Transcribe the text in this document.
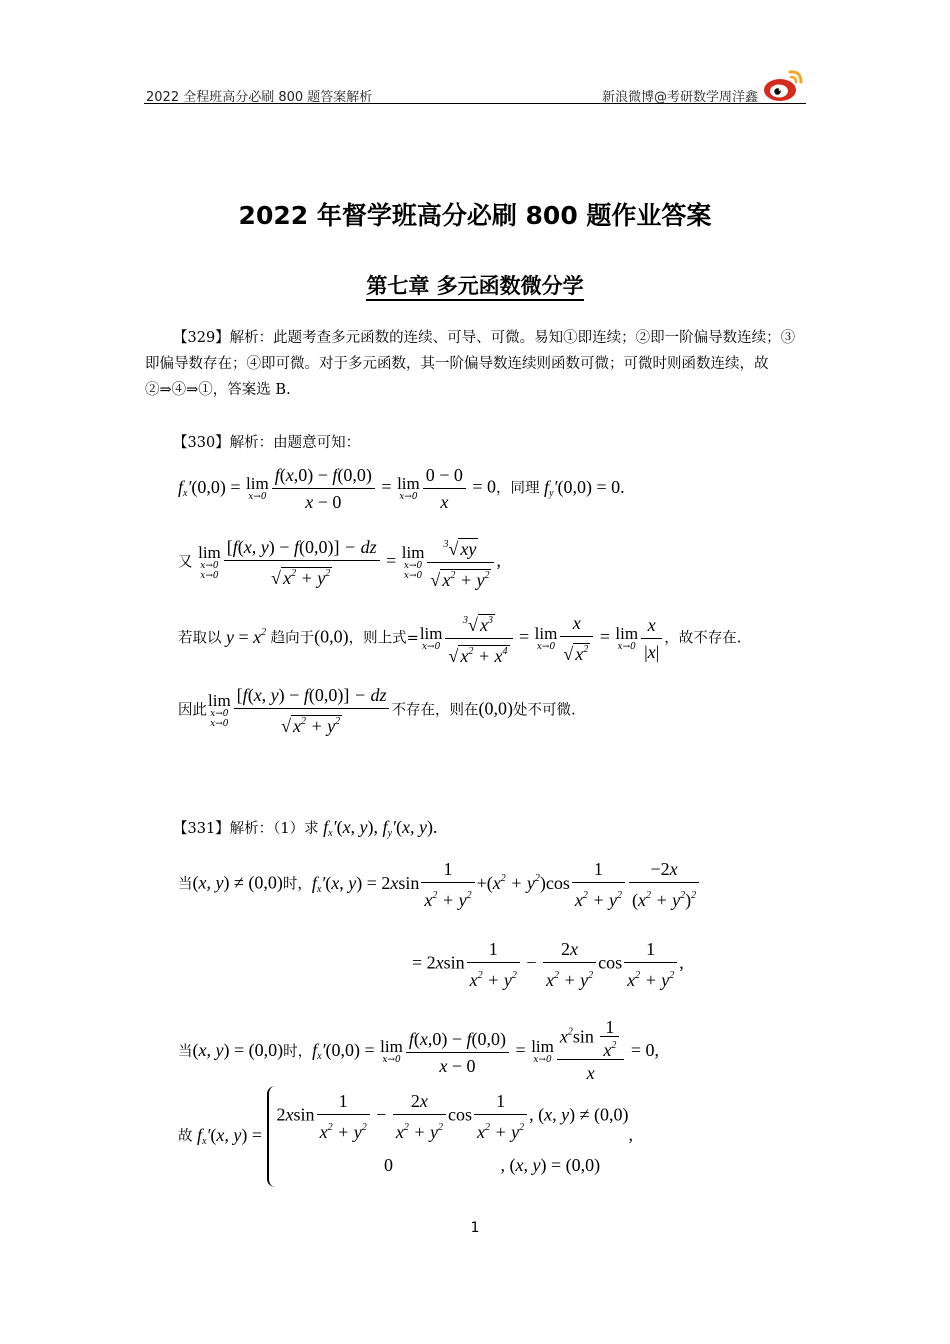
2022 全程班高分必刷 800 题答案解析	新浪微博@考研数学周洋鑫
2022 年督学班高分必刷 800 题作业答案
第七章 多元函数微分学
【329】解析：此题考查多元函数的连续、可导、可微。易知①即连续；②即一阶偏导数连续；③即偏导数存在；④即可微。对于多元函数，其一阶偏导数连续则函数可微；可微时则函数连续，故②⇒④⇒①，答案选 B.
【330】解析：由题意可知：
$f_x'(0,0) = \lim$
$x\to 0 \frac{f(x,0) - f(0,0)}{x - 0} = \lim$
$x\to 0 \frac{0 - 0}{x} = 0$，同理 $f_y'(0,0) = 0$.
又
lim
x→0
$x\to 0 \frac{[f(x, y) - f(0,0)] - dz}{√ x^2 + y^2} = \lim$
x→0
$x\to 0 \frac{^3√ xy}{√ x^2 + y^2}$ ,
若取以 $y = x^2$ 趋向于(0,0)，则上式= lim
$x\to 0 \frac{^3√ x^3}{√ x^2 + x^4} = \lim$
$x\to 0 \frac{x}{√ x^2} = \lim$
$x\to 0 \frac{x}{|x|}$ ，故不存在.
因此
lim
x→0
$x\to 0 \frac{[f(x, y) - f(0,0)] - dz}{√ x^2 + y^2}$ 不存在，则在(0,0)处不可微.
【331】解析：（1）求 $f_x'(x$, y), $f_y'(x$, y).
当(x, y) ≠ (0,0)时，$f_x'(x$, $y) = 2xsin \frac{1}{x^2 + y^2} +(x^2 + y^2)\cos \frac{1}{x^2 + y^2} \frac{-2x}{(x^2 + y^2)^2}$
= $2xsin \frac{1}{x^2 + y^2} - \frac{2x}{x^2 + y^2}$ $\cos \frac{1}{x^2 + y^2}$ ,
当(x, y) = (0,0)时，$f_x'(0,0) = \lim$
$x\to 0 \frac{f(x,0) - f(0,0)}{x - 0} = \lim$
$x\to 0 \frac{x^2\sin \frac{1}{x^2}}{x} = 0$,
故 $f_x'(x$, y) =
$2xsin \frac{1}{x^2 + y^2} - \frac{2x}{x^2 + y^2}$ $\cos \frac{1}{x^2 + y^2}$ , (x, y) ≠ (0,0)
0	, (x, y) = (0,0)
,
1
